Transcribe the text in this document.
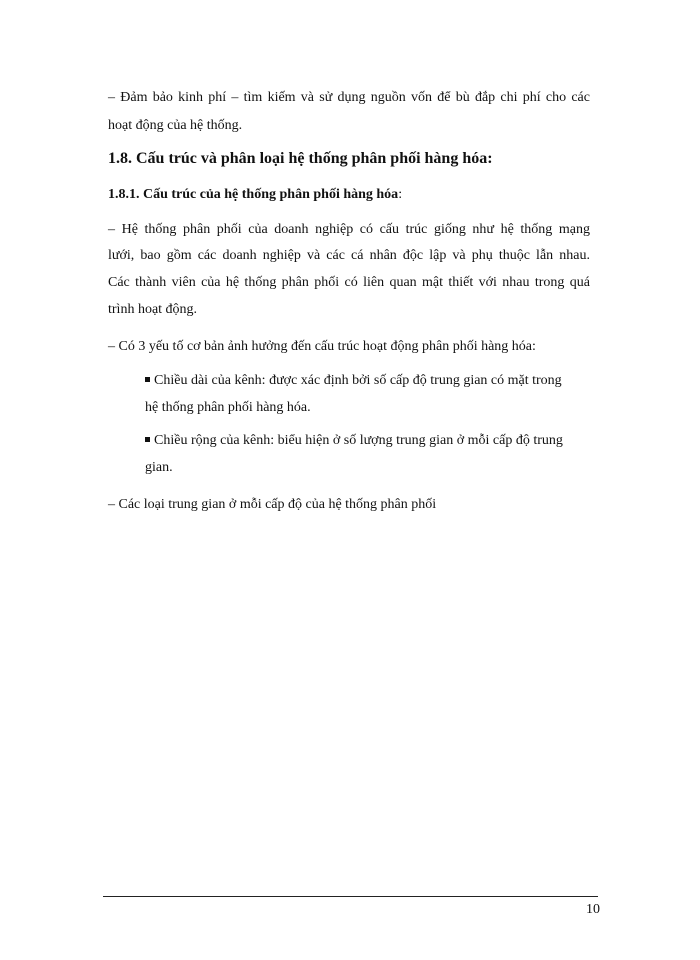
– Đảm bảo kinh phí – tìm kiếm và sử dụng nguồn vốn để bù đắp chi phí cho các
hoạt động của hệ thống.
1.8. Cấu trúc và phân loại hệ thống phân phối hàng hóa:
1.8.1. Cấu trúc của hệ thống phân phối hàng hóa:
– Hệ thống phân phối của doanh nghiệp có cấu trúc giống như hệ thống mạng
lưới, bao gồm các doanh nghiệp và các cá nhân độc lập và phụ thuộc lẫn nhau.
Các thành viên của hệ thống phân phối có liên quan mật thiết với nhau trong quá
trình hoạt động.
– Có 3 yếu tố cơ bản ảnh hưởng đến cấu trúc hoạt động phân phối hàng hóa:
Chiều dài của kênh: được xác định bởi số cấp độ trung gian có mặt trong
hệ thống phân phối hàng hóa.
Chiều rộng của kênh: biểu hiện ở số lượng trung gian ở mỗi cấp độ trung
gian.
– Các loại trung gian ở mỗi cấp độ của hệ thống phân phối
10
